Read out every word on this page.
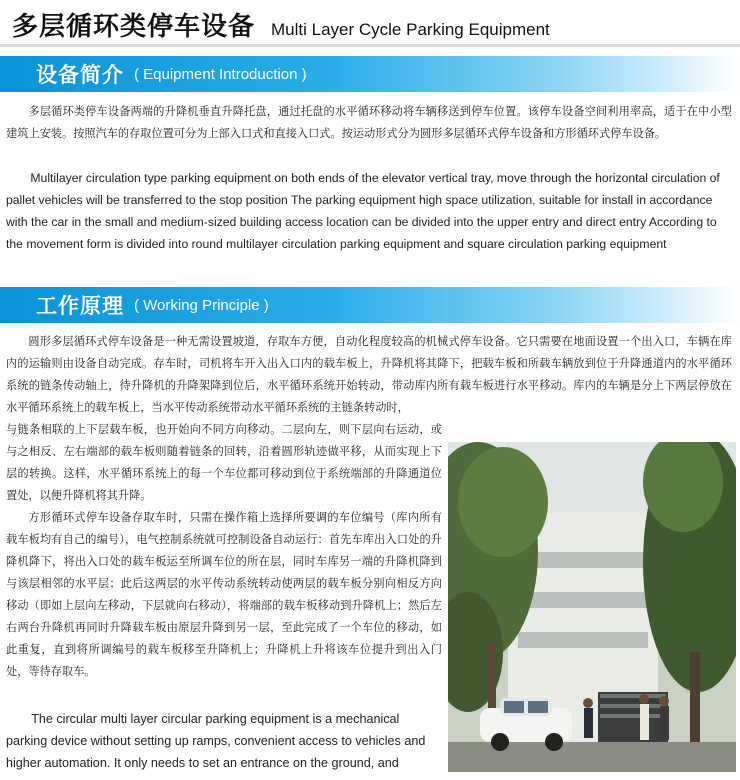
多层循环类停车设备 Multi Layer Cycle Parking Equipment
设备简介 ( Equipment Introduction )

多层循环类停车设备两端的升降机垂直升降托盘，通过托盘的水平循环移动将车辆移送到停车位置。该停车设备空间利用率高，适于在中小型建筑上安装。按照汽车的存取位置可分为上部入口式和直接入口式。按运动形式分为圆形多层循环式停车设备和方形循环式停车设备。

Multilayer circulation type parking equipment on both ends of the elevator vertical tray, move through the horizontal circulation of pallet vehicles will be transferred to the stop position The parking equipment high space utilization, suitable for install in accordance with the car in the small and medium-sized building access location can be divided into the upper entry and direct entry According to the movement form is divided into round multilayer circulation parking equipment and square circulation parking equipment

工作原理 ( Working Principle )

圆形多层循环式停车设备是一种无需设置坡道，存取车方便，自动化程度较高的机械式停车设备。它只需要在地面设置一个出入口，车辆在库内的运输则由设备自动完成。存车时，司机将车开入出入口内的载车板上，升降机将其降下，把载车板和所载车辆放到位于升降通道内的水平循环系统的链条传动轴上，待升降机的升降架降到位后，水平循环系统开始转动，带动库内所有载车板进行水平移动。库内的车辆是分上下两层停放在水平循环系统上的载车板上，当水平传动系统带动水平循环系统的主链条转动时，

与链条相联的上下层载车板，也开始向不同方向移动。二层向左，则下层向右运动，或与之相反、左右端部的载车板则随着链条的回转，沿着圆形轨迹做平移，从而实现上下层的转换。这样，水平循环系统上的每一个车位都可移动到位于系统端部的升降通道位置处，以便升降机将其升降。

方形循环式停车设备存取车时，只需在操作箱上选择所要调的车位编号（库内所有载车板均有自己的编号），电气控制系统就可控制设备自动运行：首先车库出入口处的升降机降下，将出入口处的载车板运至所调车位的所在层，同时车库另一端的升降机降到与该层相邻的水平层；此后这两层的水平传动系统转动使两层的载车板分别向相反方向移动（即如上层向左移动，下层就向右移动），将端部的载车板移动到升降机上；然后左右两台升降机再同时升降载车板由原层升降到另一层，至此完成了一个车位的移动，如此重复，直到将所调编号的载车板移至升降机上；升降机上升将该车位提升到出入门处，等待存取车。

The circular multi layer circular parking equipment is a mechanical parking device without setting up ramps, convenient access to vehicles and higher automation. It only needs to set an entrance on the ground, and
